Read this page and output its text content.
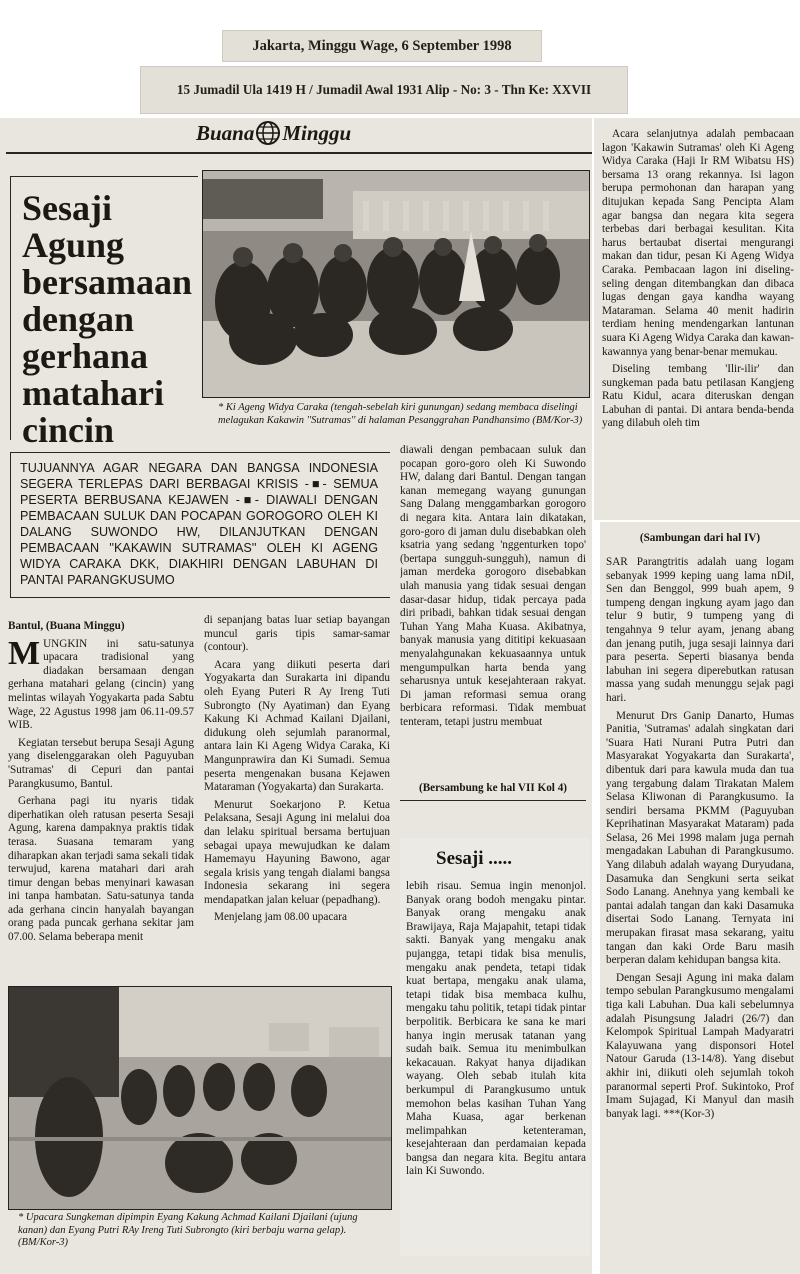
Jakarta, Minggu Wage, 6 September 1998
15 Jumadil Ula 1419 H / Jumadil Awal 1931 Alip - No: 3 - Thn Ke: XXVII
Buana Minggu
Sesaji Agung bersamaan dengan gerhana matahari cincin
* Ki Ageng Widya Caraka (tengah-sebelah kiri gunungan) sedang membaca diselingi melagukan Kakawin ''Sutramas'' di halaman Pesanggrahan Pandhansimo (BM/Kor-3)
TUJUANNYA AGAR NEGARA DAN BANGSA INDONESIA SEGERA TERLEPAS DARI BERBAGAI KRISIS -■- SEMUA PESERTA BERBUSANA KEJAWEN -■- DIAWALI DENGAN PEMBACAAN SULUK DAN POCAPAN GOROGORO OLEH KI DALANG SUWONDO HW, DILANJUTKAN DENGAN PEMBACAAN ''KAKAWIN SUTRAMAS'' OLEH KI AGENG WIDYA CARAKA DKK, DIAKHIRI DENGAN LABUHAN DI PANTAI PARANGKUSUMO

Bantul, (Buana Minggu)

MUNGKIN ini satu-satunya upacara tradisional yang diadakan bersamaan dengan gerhana matahari gelang (cincin) yang melintas wilayah Yogyakarta pada Sabtu Wage, 22 Agustus 1998 jam 06.11-09.57 WIB.

Kegiatan tersebut berupa Sesaji Agung yang diselenggarakan oleh Paguyuban 'Sutramas' di Cepuri dan pantai Parangkusumo, Bantul.

Gerhana pagi itu nyaris tidak diperhatikan oleh ratusan peserta Sesaji Agung, karena dampaknya praktis tidak terasa. Suasana temaram yang diharapkan akan terjadi sama sekali tidak terwujud, karena matahari dari arah timur dengan bebas menyinari kawasan ini tanpa hambatan. Satu-satunya tanda ada gerhana cincin hanyalah bayangan orang pada puncak gerhana sekitar jam 07.00. Selama beberapa menit

di sepanjang batas luar setiap bayangan muncul garis tipis samar-samar (contour).

Acara yang diikuti peserta dari Yogyakarta dan Surakarta ini dipandu oleh Eyang Puteri R Ay Ireng Tuti Subrongto (Ny Ayatiman) dan Eyang Kakung Ki Achmad Kailani Djailani, didukung oleh sejumlah paranormal, antara lain Ki Ageng Widya Caraka, Ki Mangunprawira dan Ki Sumadi. Semua peserta mengenakan busana Kejawen Mataraman (Yogyakarta) dan Surakarta.

Menurut Soekarjono P. Ketua Pelaksana, Sesaji Agung ini melalui doa dan lelaku spiritual bersama bertujuan sebagai upaya mewujudkan ke dalam Hamemayu Hayuning Bawono, agar segala krisis yang tengah dialami bangsa Indonesia sekarang ini segera mendapatkan jalan keluar (pepadhang).

Menjelang jam 08.00 upacara

diawali dengan pembacaan suluk dan pocapan goro-goro oleh Ki Suwondo HW, dalang dari Bantul. Dengan tangan kanan memegang wayang gunungan Sang Dalang menggambarkan gorogoro di negara kita. Antara lain dikatakan, goro-goro di jaman dulu disebabkan oleh ksatria yang sedang 'nggenturken topo' (bertapa sungguh-sungguh), namun di jaman merdeka gorogoro disebabkan ulah manusia yang tidak sesuai dengan dasar-dasar hidup, tidak percaya pada diri pribadi, bahkan tidak sesuai dengan Tuhan Yang Maha Kuasa. Akibatnya, banyak manusia yang dititipi kekuasaan menyalahgunakan kekuasaannya untuk mengumpulkan harta benda yang seharusnya untuk kesejahteraan rakyat. Di jaman reformasi semua orang berbicara reformasi. Tidak membuat tenteram, tetapi justru membuat

(Bersambung ke hal VII Kol 4)
* Upacara Sungkeman dipimpin Eyang Kakung Achmad Kailani Djailani (ujung kanan) dan Eyang Putri RAy Ireng Tuti Subrongto (kiri berbaju warna gelap). (BM/Kor-3)
Sesaji .....
lebih risau. Semua ingin menonjol. Banyak orang bodoh mengaku pintar. Banyak orang mengaku anak Brawijaya, Raja Majapahit, tetapi tidak sakti. Banyak yang mengaku anak pujangga, tetapi tidak bisa menulis, mengaku anak pendeta, tetapi tidak kuat bertapa, mengaku anak ulama, tetapi tidak bisa membaca kulhu, mengaku tahu politik, tetapi tidak pintar berpolitik. Berbicara ke sana ke mari hanya ingin merusak tatanan yang sudah baik. Semua itu menimbulkan kekacauan. Rakyat hanya dijadikan wayang. Oleh sebab itulah kita berkumpul di Parangkusumo untuk memohon belas kasihan Tuhan Yang Maha Kuasa, agar berkenan melimpahkan ketenteraman, kesejahteraan dan perdamaian kepada bangsa dan negara kita. Begitu antara lain Ki Suwondo.

Acara selanjutnya adalah pembacaan lagon 'Kakawin Sutramas' oleh Ki Ageng Widya Caraka (Haji Ir RM Wibatsu HS) bersama 13 orang rekannya. Isi lagon berupa permohonan dan harapan yang ditujukan kepada Sang Pencipta Alam agar bangsa dan negara kita segera terbebas dari berbagai kesulitan. Kita harus bertaubat disertai mengurangi makan dan tidur, pesan Ki Ageng Widya Caraka. Pembacaan lagon ini diseling-seling dengan ditembangkan dan dibaca lugas dengan gaya kandha wayang Mataraman. Selama 40 menit hadirin terdiam hening mendengarkan lantunan suara Ki Ageng Widya Caraka dan kawan-kawannya yang benar-benar memukau.

Diseling tembang 'Ilir-ilir' dan sungkeman pada batu petilasan Kangjeng Ratu Kidul, acara diteruskan dengan Labuhan di pantai. Di antara benda-benda yang dilabuh oleh tim

(Sambungan dari hal IV)

SAR Parangtritis adalah uang logam sebanyak 1999 keping uang lama nDil, Sen dan Benggol, 999 buah apem, 9 tumpeng dengan ingkung ayam jago dan telur 9 butir, 9 tumpeng yang di tengahnya 9 telur ayam, jenang abang dan jenang putih, juga sesaji lainnya dari para peserta. Seperti biasanya benda labuhan ini segera diperebutkan ratusan massa yang sudah menunggu sejak pagi hari.

Menurut Drs Ganip Danarto, Humas Panitia, 'Sutramas' adalah singkatan dari 'Suara Hati Nurani Putra Putri dan Masyarakat Yogyakarta dan Surakarta', dibentuk dari para kawula muda dan tua yang tergabung dalam Tirakatan Malem Selasa Kliwonan di Parangkusumo. Ia sendiri bersama PKMM (Paguyuban Keprihatinan Masyarakat Mataram) pada Selasa, 26 Mei 1998 malam juga pernah mengadakan Labuhan di Parangkusumo. Yang dilabuh adalah wayang Duryudana, Dasamuka dan Sengkuni serta seikat Sodo Lanang. Anehnya yang kembali ke pantai adalah tangan dan kaki Dasamuka disertai Sodo Lanang. Ternyata ini merupakan firasat masa sekarang, yaitu tangan dan kaki Orde Baru masih berperan dalam kehidupan bangsa kita.

Dengan Sesaji Agung ini maka dalam tempo sebulan Parangkusumo mengalami tiga kali Labuhan. Dua kali sebelumnya adalah Pisungsung Jaladri (26/7) dan Kelompok Spiritual Lampah Madyaratri Kalayuwana yang disponsori Hotel Natour Garuda (13-14/8). Yang disebut akhir ini, diikuti oleh sejumlah tokoh paranormal seperti Prof. Sukintoko, Prof Imam Sujagad, Ki Manyul dan masih banyak lagi. ***(Kor-3)
